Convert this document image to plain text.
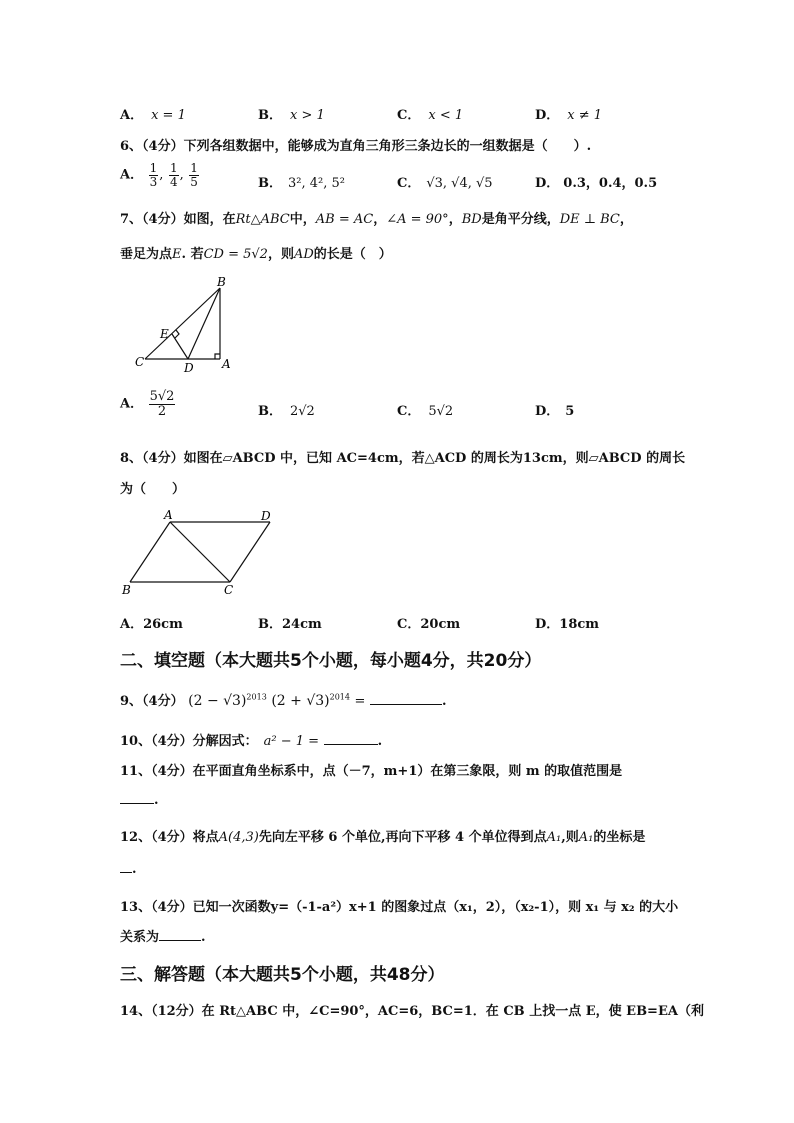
A． x = 1	B． x > 1	C． x < 1	D． x ≠ 1
6、（4分）下列各组数据中，能够成为直角三角形三条边长的一组数据是（　　）.
A． $\frac{1}{3}$ , $\frac{1}{4}$ , $\frac{1}{5}$	B． 3², 4², 5²	C． √3, √4, √5	D． 0.3，0.4，0.5
7、（4分）如图，在Rt△ABC中，AB = AC，∠A = 90°，BD是角平分线，DE ⊥ BC，
垂足为点E. 若CD = 5√2，则AD的长是（　）
B
E
C	D A
A． $\frac{5√2}{2}$	B． 2√2	C． 5√2	D． 5
8、（4分）如图在▱ABCD 中，已知 AC=4cm，若△ACD 的周长为13cm，则▱ABCD 的周长
为（　　）
A	D
B	C
A．26cm	B．24cm	C．20cm	D．18cm
二、填空题（本大题共5个小题，每小题4分，共20分）
9、（4分） $(2 - √3)^{2013}$ $(2 + √3)^{2014}$ =	.
10、（4分）分解因式： a² − 1 =	.
11、（4分）在平面直角坐标系中，点（－7，m+1）在第三象限，则 m 的取值范围是
.
12、（4分）将点A(4,3)先向左平移 6 个单位,再向下平移 4 个单位得到点A₁,则A₁的坐标是
.
13、（4分）已知一次函数y=（-1-a²）x+1 的图象过点（x₁，2），（x₂-1），则 x₁ 与 x₂ 的大小
关系为	.
三、解答题（本大题共5个小题，共48分）
14、（12分）在 Rt△ABC 中，∠C=90°，AC=6，BC=1．在 CB 上找一点 E，使 EB=EA（利
